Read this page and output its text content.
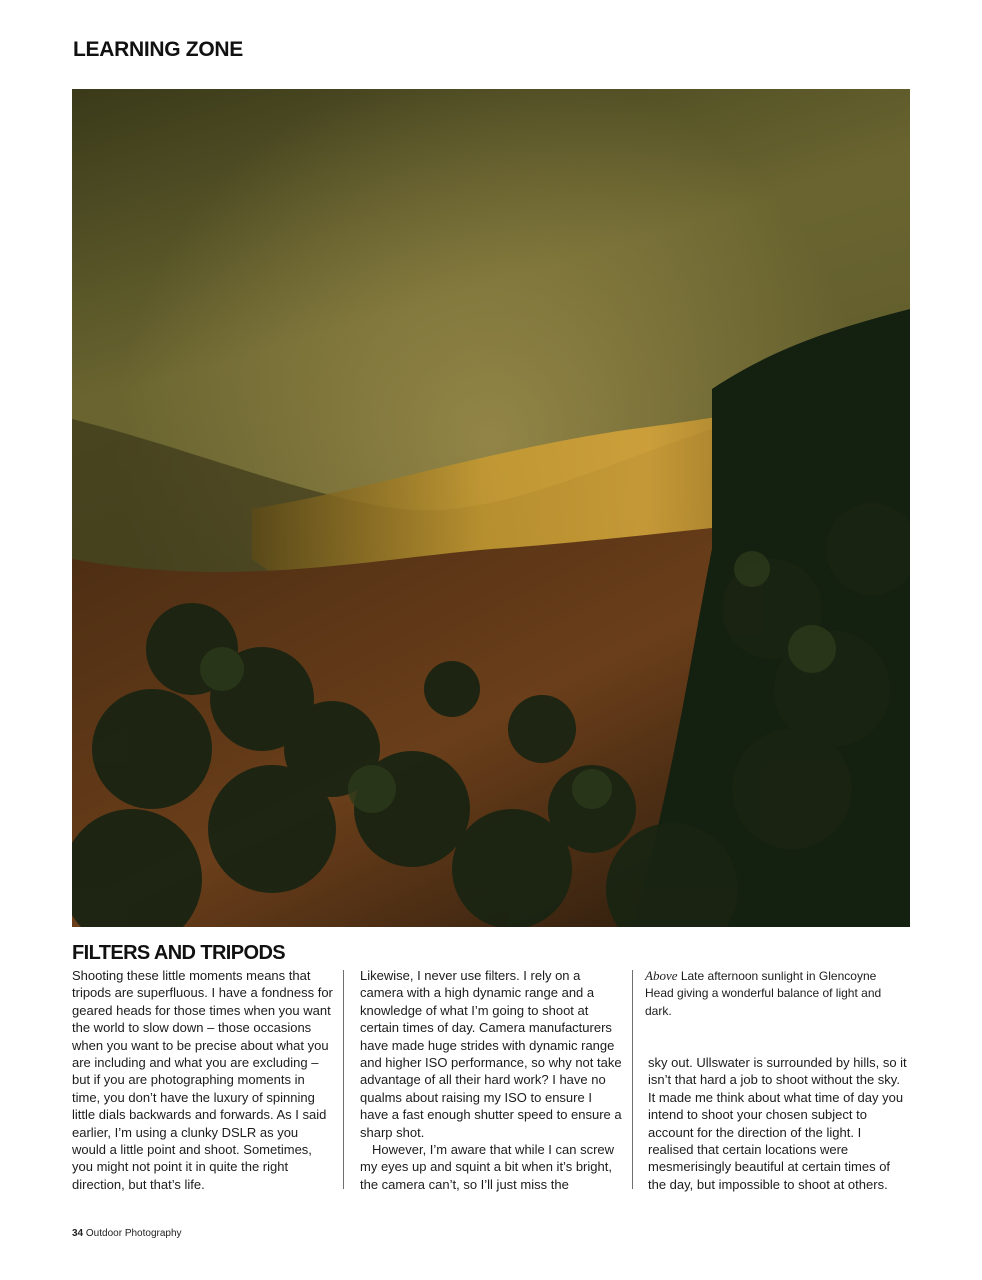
LEARNING ZONE
FILTERS AND TRIPODS

Shooting these little moments means that tripods are superfluous. I have a fondness for geared heads for those times when you want the world to slow down – those occasions when you want to be precise about what you are including and what you are excluding – but if you are photographing moments in time, you don’t have the luxury of spinning little dials backwards and forwards. As I said earlier, I’m using a clunky DSLR as you would a little point and shoot. Sometimes, you might not point it in quite the right direction, but that’s life.

Likewise, I never use filters. I rely on a camera with a high dynamic range and a knowledge of what I’m going to shoot at certain times of day. Camera manufacturers have made huge strides with dynamic range and higher ISO performance, so why not take advantage of all their hard work? I have no qualms about raising my ISO to ensure I have a fast enough shutter speed to ensure a sharp shot.

However, I’m aware that while I can screw my eyes up and squint a bit when it’s bright, the camera can’t, so I’ll just miss the

Above Late afternoon sunlight in Glencoyne Head giving a wonderful balance of light and dark.

sky out. Ullswater is surrounded by hills, so it isn’t that hard a job to shoot without the sky. It made me think about what time of day you intend to shoot your chosen subject to account for the direction of the light. I realised that certain locations were mesmerisingly beautiful at certain times of the day, but impossible to shoot at others.

34 Outdoor Photography
